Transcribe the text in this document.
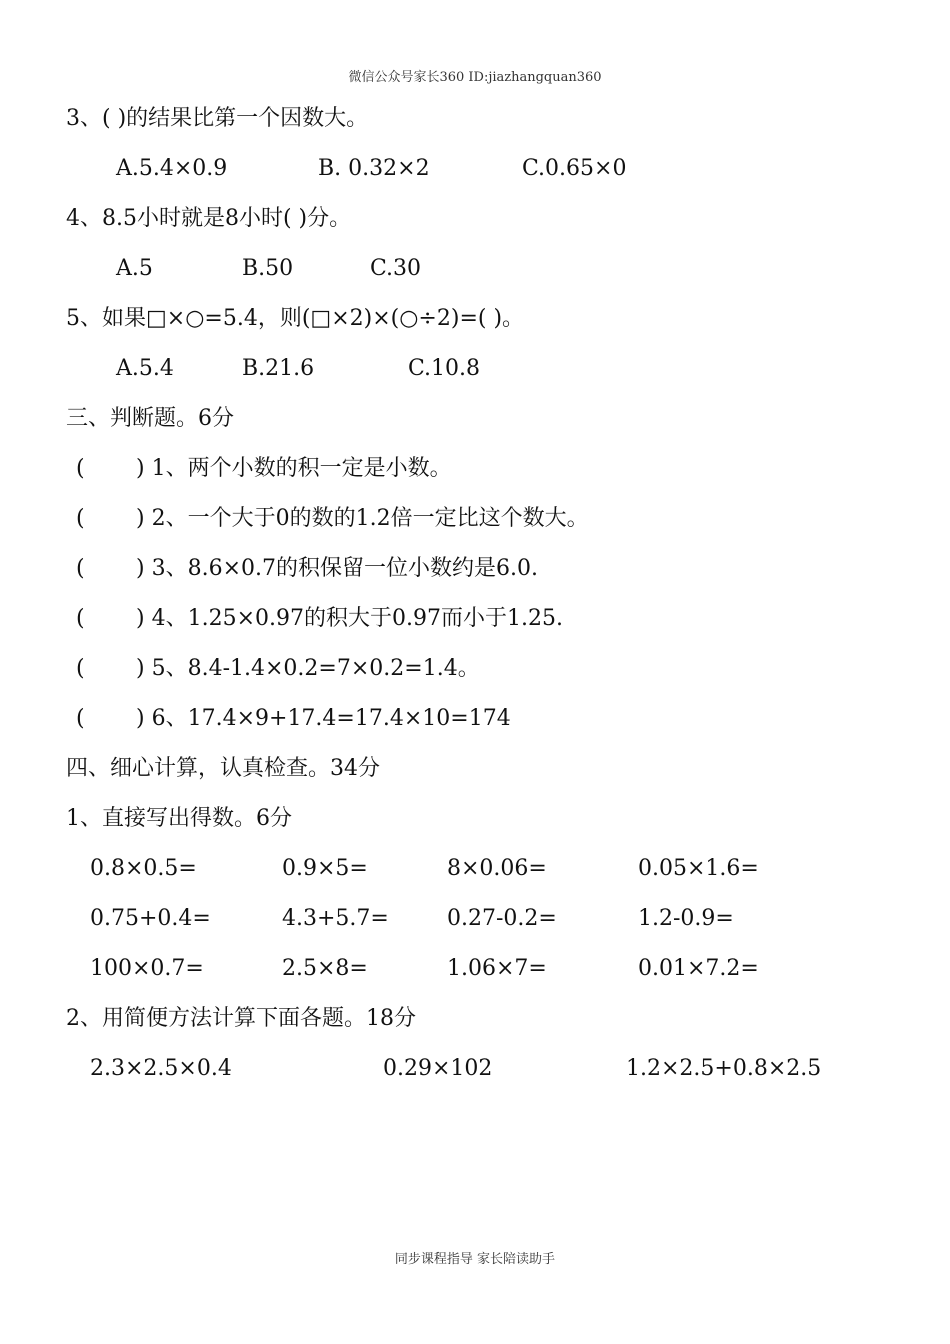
微信公众号家长360 ID:jiazhangquan360
3、( )的结果比第一个因数大。
A.5.4×0.9	B. 0.32×2	C.0.65×0
4、8.5小时就是8小时( )分。
A.5	B.50	C.30
5、如果□×○=5.4，则(□×2)×(○÷2)=( )。
A.5.4	B.21.6	C.10.8
三、判断题。6分
( ) 1、两个小数的积一定是小数。
( ) 2、一个大于0的数的1.2倍一定比这个数大。
( ) 3、8.6×0.7的积保留一位小数约是6.0.
( ) 4、1.25×0.97的积大于0.97而小于1.25.
( ) 5、8.4-1.4×0.2=7×0.2=1.4。
( ) 6、17.4×9+17.4=17.4×10=174
四、细心计算，认真检查。34分
1、直接写出得数。6分
0.8×0.5=	0.9×5=	8×0.06=	0.05×1.6=
0.75+0.4=	4.3+5.7=	0.27-0.2=	1.2-0.9=
100×0.7=	2.5×8=	1.06×7=	0.01×7.2=
2、用简便方法计算下面各题。18分
2.3×2.5×0.4	0.29×102	1.2×2.5+0.8×2.5
同步课程指导 家长陪读助手
